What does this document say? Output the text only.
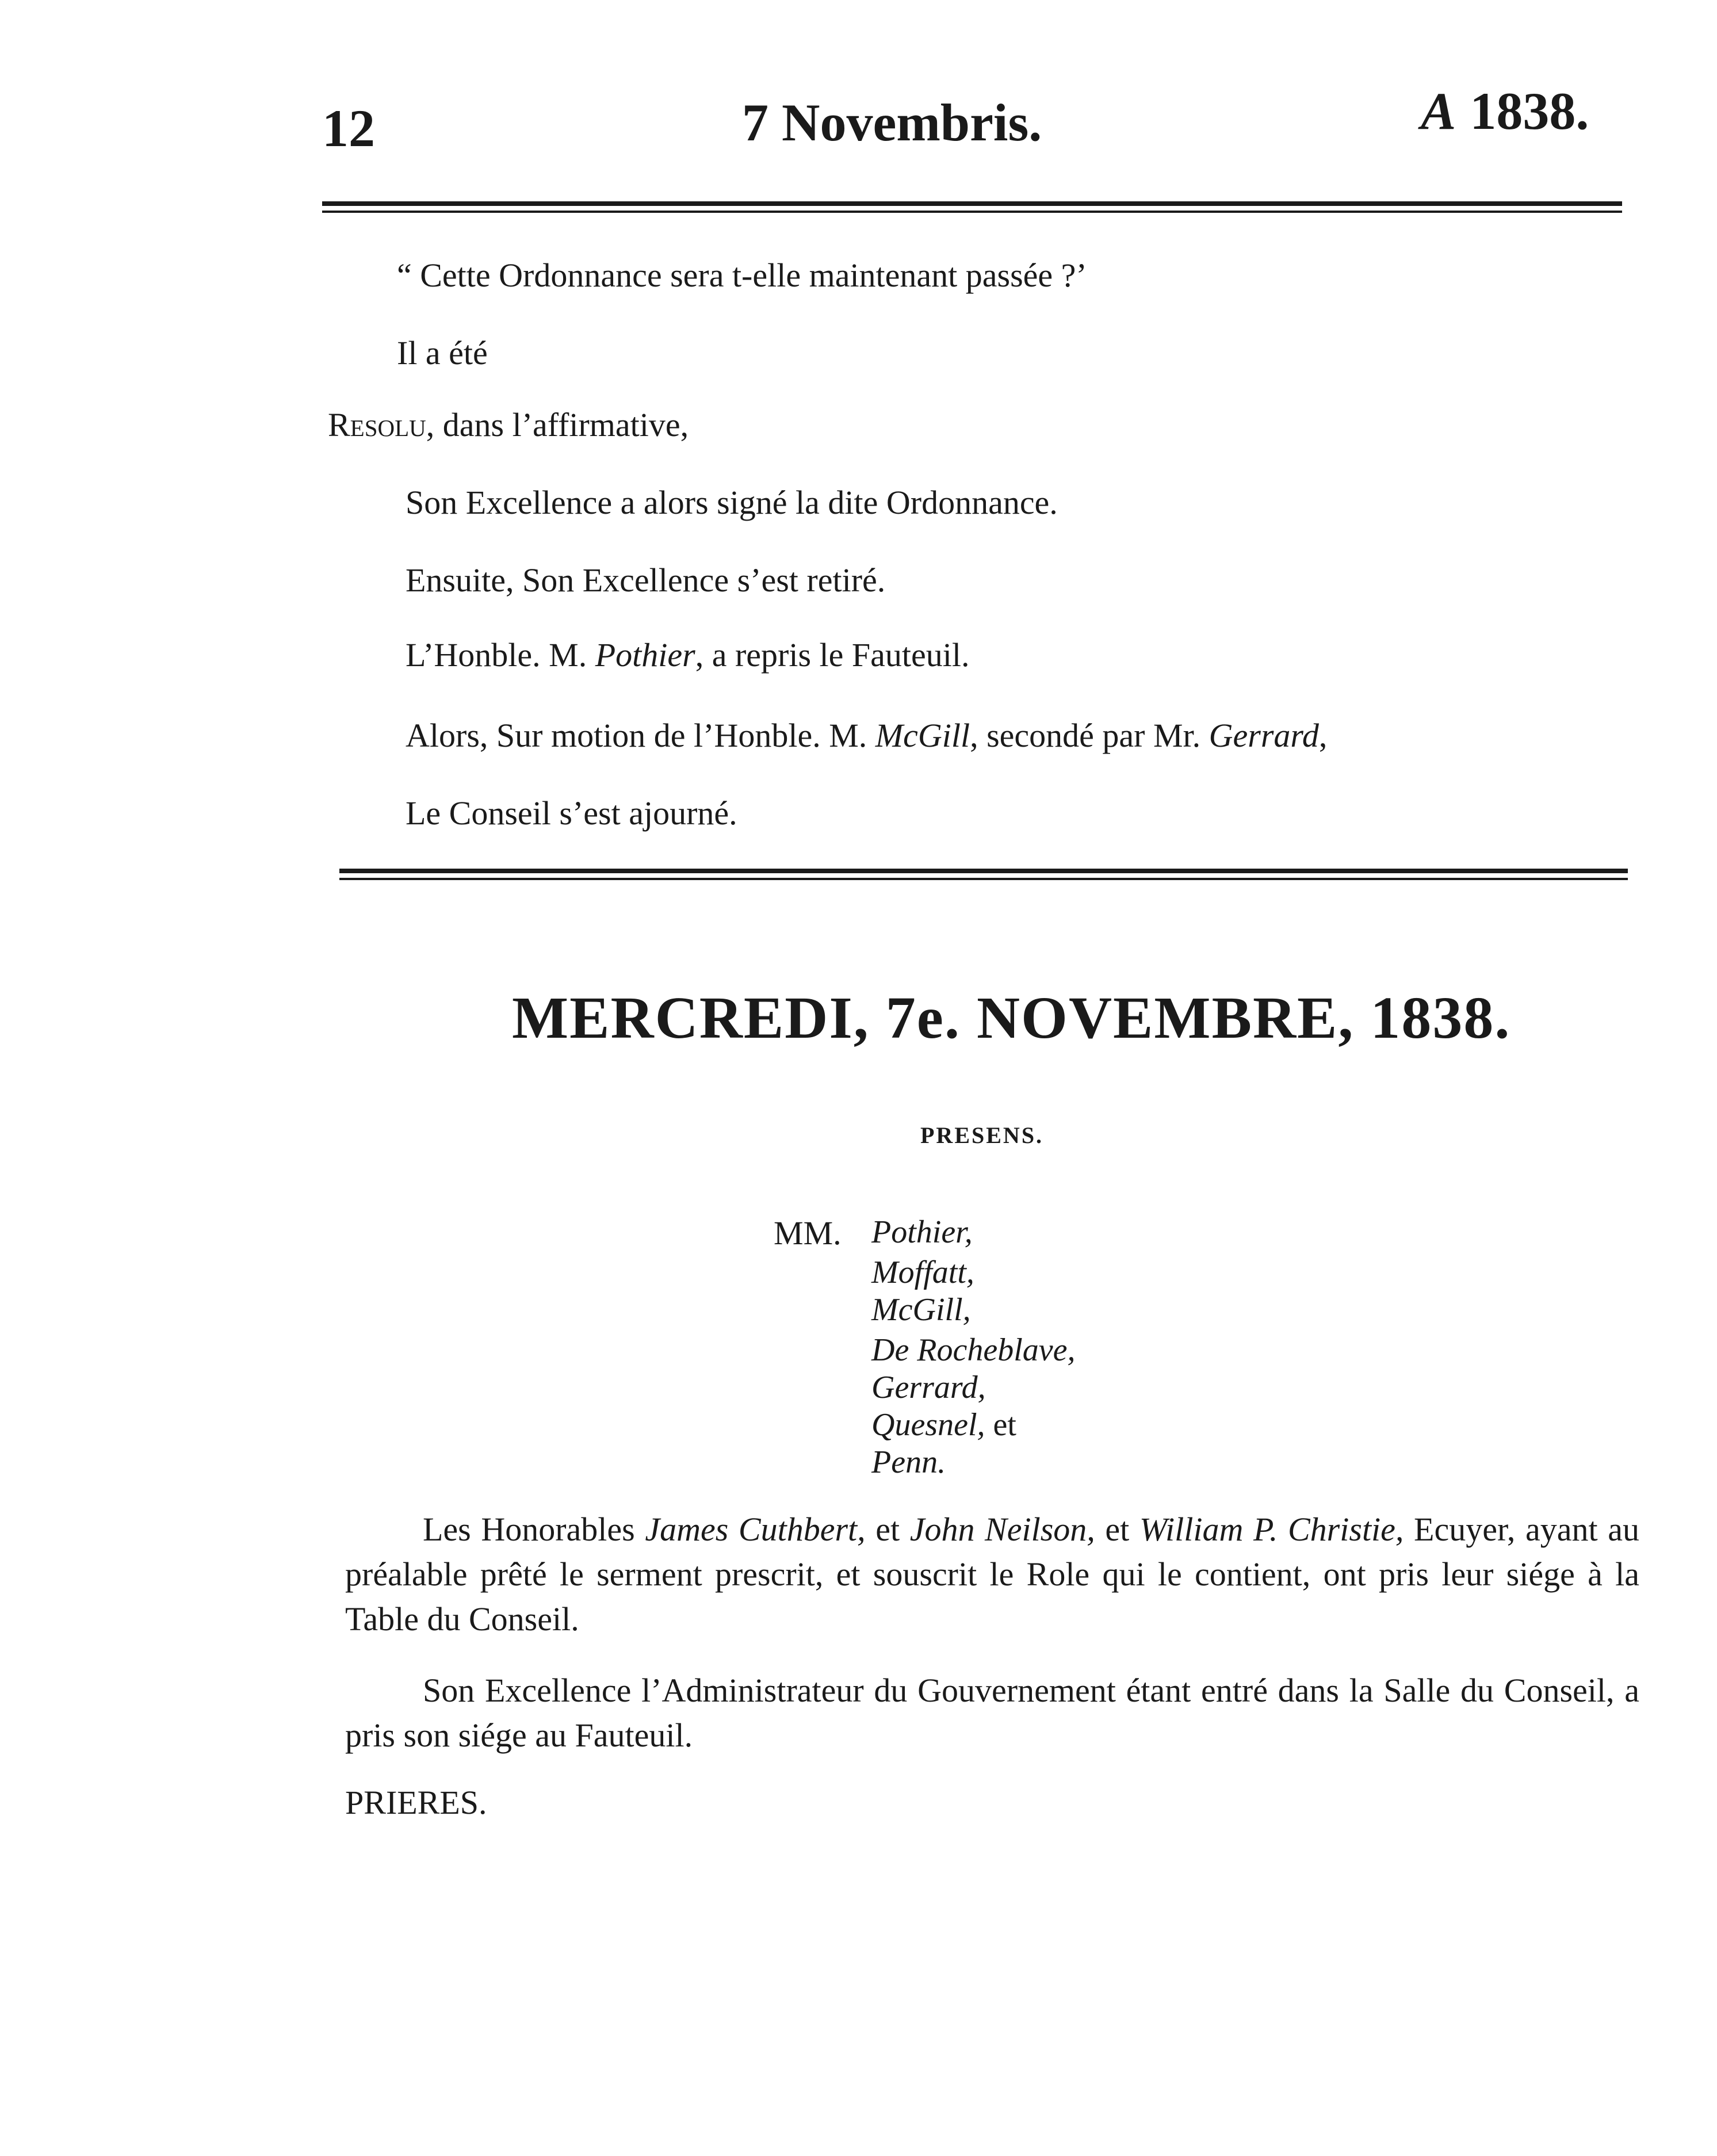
12	7 Novembris.	A 1838.
“ Cette Ordonnance sera t-elle maintenant passée ?’
Il a été
Resolu, dans l’affirmative,
Son Excellence a alors signé la dite Ordonnance.
Ensuite, Son Excellence s’est retiré.
L’Honble. M. Pothier, a repris le Fauteuil.
Alors, Sur motion de l’Honble. M. McGill, secondé par Mr. Gerrard,
Le Conseil s’est ajourné.
MERCREDI, 7e. NOVEMBRE, 1838.
PRESENS.
MM. Pothier,
Moffatt,
McGill,
De Rocheblave,
Gerrard,
Quesnel, et
Penn.
Les Honorables James Cuthbert, et John Neilson, et William P. Christie, Ecuyer, ayant au préalable prêté le serment prescrit, et souscrit le Role qui le contient, ont pris leur siége à la Table du Conseil.
Son Excellence l’Administrateur du Gouvernement étant entré dans la Salle du Conseil, a pris son siége au Fauteuil.
PRIERES.
